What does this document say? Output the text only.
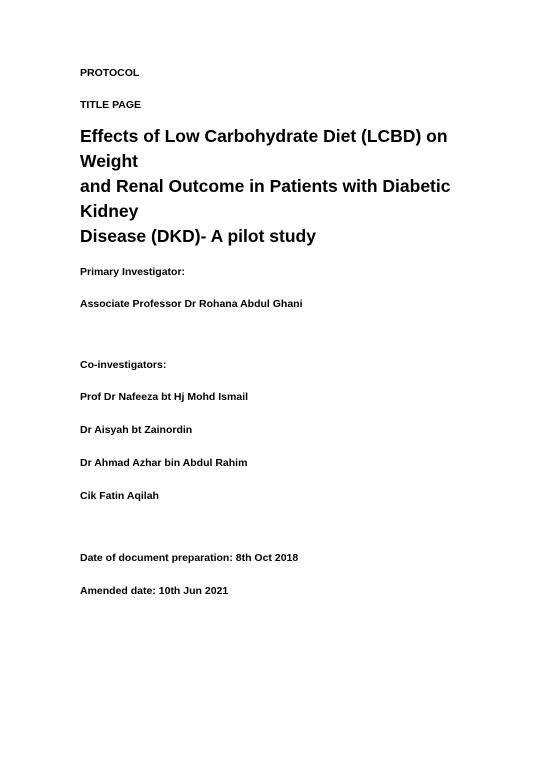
PROTOCOL

TITLE PAGE

Effects of Low Carbohydrate Diet (LCBD) on Weight
and Renal Outcome in Patients with Diabetic Kidney
Disease (DKD)- A pilot study

Primary Investigator:

Associate Professor Dr Rohana Abdul Ghani

Co-investigators:

Prof Dr Nafeeza bt Hj Mohd Ismail

Dr Aisyah bt Zainordin

Dr Ahmad Azhar bin Abdul Rahim

Cik Fatin Aqilah

Date of document preparation: 8th Oct 2018

Amended date: 10th Jun 2021
